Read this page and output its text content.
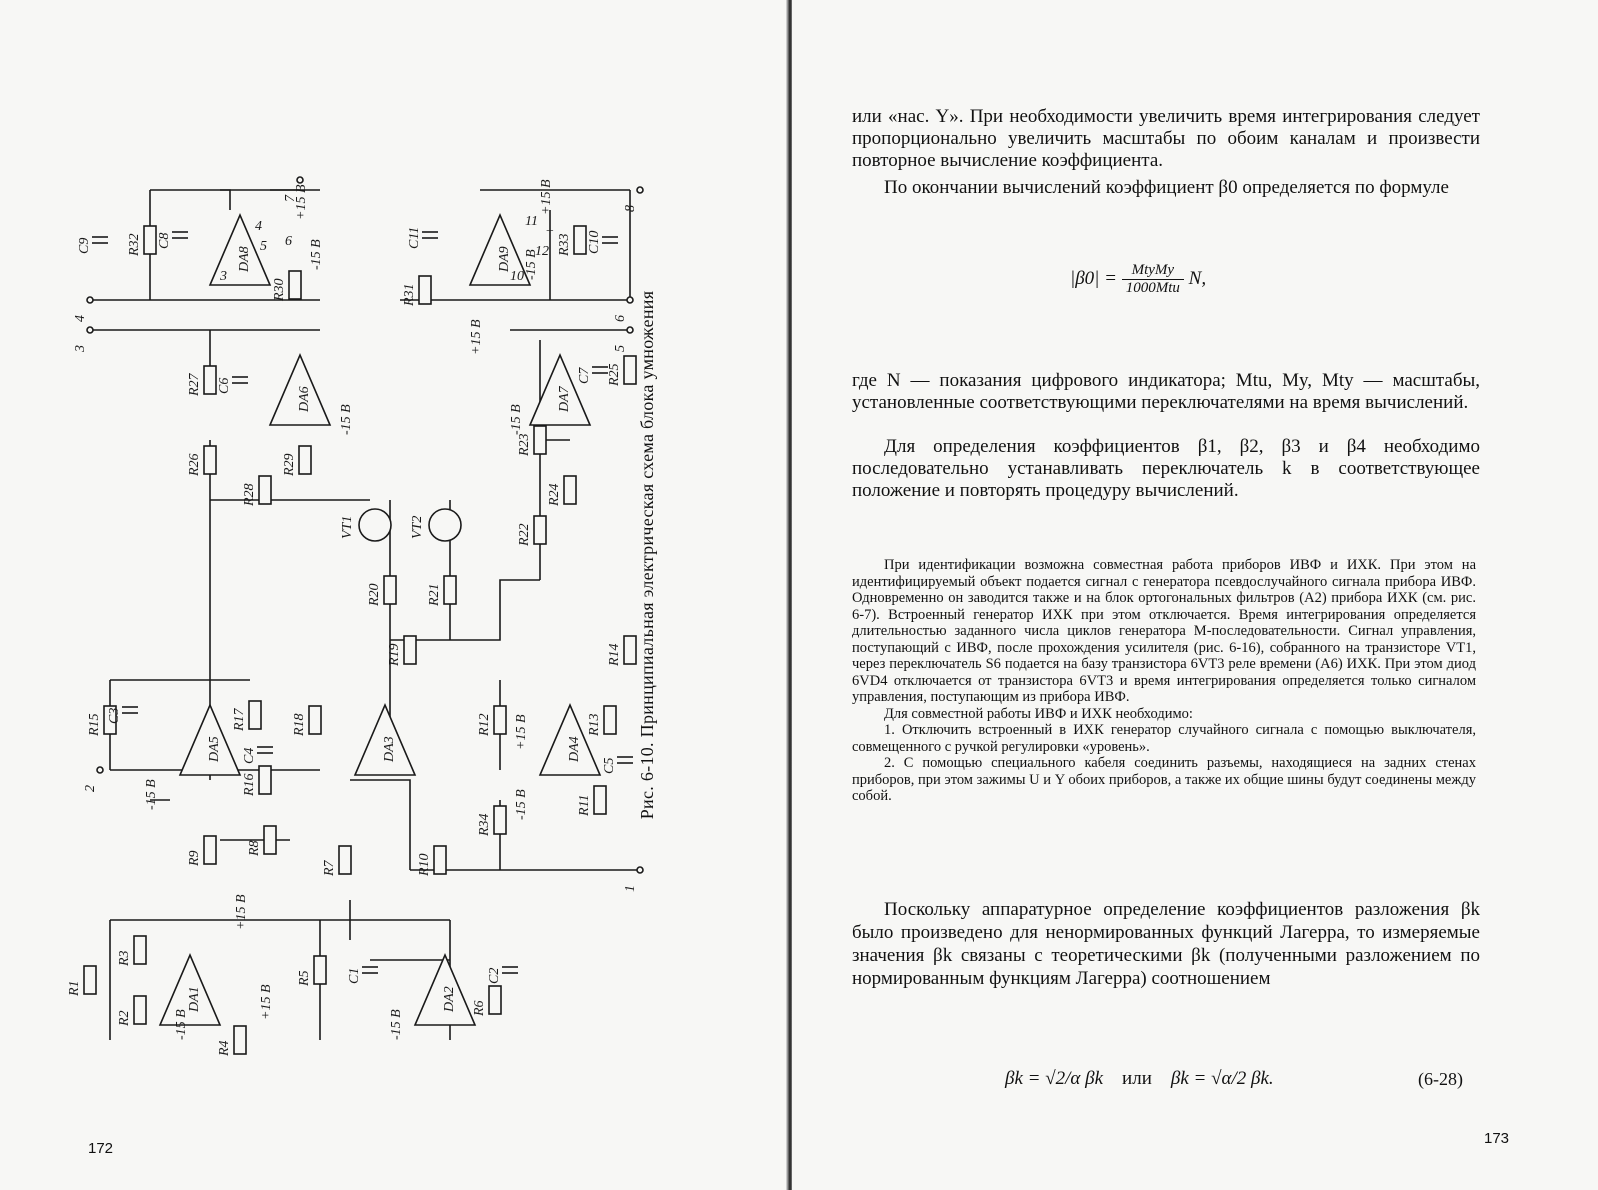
1
2
3
4
5
6
7
8
DA1	DA2
DA3	DA4
DA5
DA6	DA7
DA8	DA9
R1
R2
R3
R4
R5
R6
R7
R8
R9	R10
R11
R12	R13
R14
R15
R16
R17	R18
R19
R20	R21
R22
R23
R24
R25
R26
R27
R28
R29
R30	R31
R32	R33
R34
C1	C2
C3
C4
C5
C6
C7
C8
C9	C10
C11
VT1	VT2
+15 В	+15 В
+15 В
+15 В
+15 В
+15 В
-15 В	-15 В
-15 В	-15 В
-15 В	-15 В
-15 В
-15 В
3
4
5 6
10
11
12
+
Рис. 6-10. Принципиальная электрическая схема блока умножения
172

или «нас. Y». При необходимости увеличить время интегрирования следует пропорционально увеличить масштабы по обоим каналам и произвести повторное вычисление коэффициента.

По окончании вычислений коэффициент β0 определяется по формуле

$|\beta 0| = \frac{\text{MtyMy}}{\text{1000Mtu}} N$,

где N — показания цифрового индикатора; Mtu, My, Mty — масштабы, установленные соответствующими переключателями на время вычислений.

Для определения коэффициентов β1, β2, β3 и β4 необходимо последовательно устанавливать переключатель k в соответствующее положение и повторять процедуру вычислений.

При идентификации возможна совместная работа приборов ИВФ и ИХК. При этом на идентифицируемый объект подается сигнал с генератора псевдослучайного сигнала прибора ИВФ. Одновременно он заводится также и на блок ортогональных фильтров (А2) прибора ИХК (см. рис. 6-7). Встроенный генератор ИХК при этом отключается. Время интегрирования определяется длительностью заданного числа циклов генератора М-последовательности. Сигнал управления, поступающий с ИВФ, после прохождения усилителя (рис. 6-16), собранного на транзисторе VT1, через переключатель S6 подается на базу транзистора 6VT3 реле времени (А6) ИХК. При этом диод 6VD4 отключается от транзистора 6VT3 и время интегрирования определяется только сигналом управления, поступающим из прибора ИВФ.

Для совместной работы ИВФ и ИХК необходимо:

1. Отключить встроенный в ИХК генератор случайного сигнала с помощью выключателя, совмещенного с ручкой регулировки «уровень».

2. С помощью специального кабеля соединить разъемы, находящиеся на задних стенах приборов, при этом зажимы U и Y обоих приборов, а также их общие шины будут соединены между собой.

Поскольку аппаратурное определение коэффициентов разложения βk было произведено для ненормированных функций Лагерра, то измеряемые значения βk связаны с теоретическими βk (полученными разложением по нормированным функциям Лагерра) соотношением

βk = √2/α βk или βk = √α/2 βk.	(6-28)
173
